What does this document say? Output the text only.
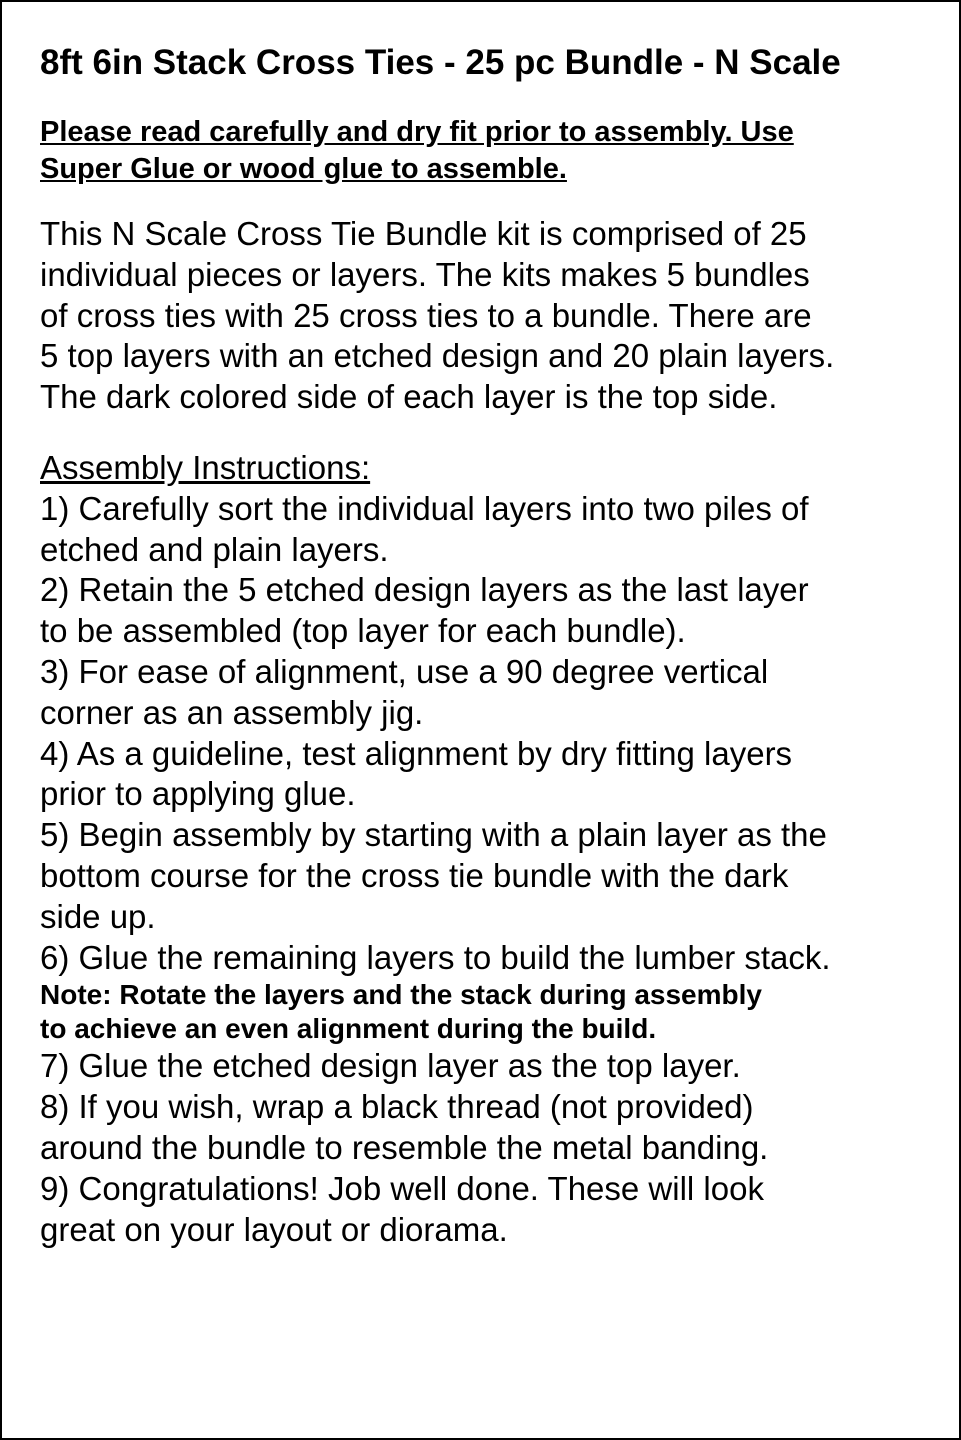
8ft 6in Stack Cross Ties - 25 pc Bundle - N Scale
Please read carefully and dry fit prior to assembly. Use
Super Glue or wood glue to assemble.
This N Scale Cross Tie Bundle kit is comprised of 25
individual pieces or layers. The kits makes 5 bundles
of cross ties with 25 cross ties to a bundle. There are
5 top layers with an etched design and 20 plain layers.
The dark colored side of each layer is the top side.
Assembly Instructions:
1) Carefully sort the individual layers into two piles of
etched and plain layers.
2) Retain the 5 etched design layers as the last layer
to be assembled (top layer for each bundle).
3) For ease of alignment, use a 90 degree vertical
corner as an assembly jig.
4) As a guideline, test alignment by dry fitting layers
prior to applying glue.
5) Begin assembly by starting with a plain layer as the
bottom course for the cross tie bundle with the dark
side up.
6) Glue the remaining layers to build the lumber stack.
Note: Rotate the layers and the stack during assembly
to achieve an even alignment during the build.
7) Glue the etched design layer as the top layer.
8) If you wish, wrap a black thread (not provided)
around the bundle to resemble the metal banding.
9) Congratulations! Job well done. These will look
great on your layout or diorama.
